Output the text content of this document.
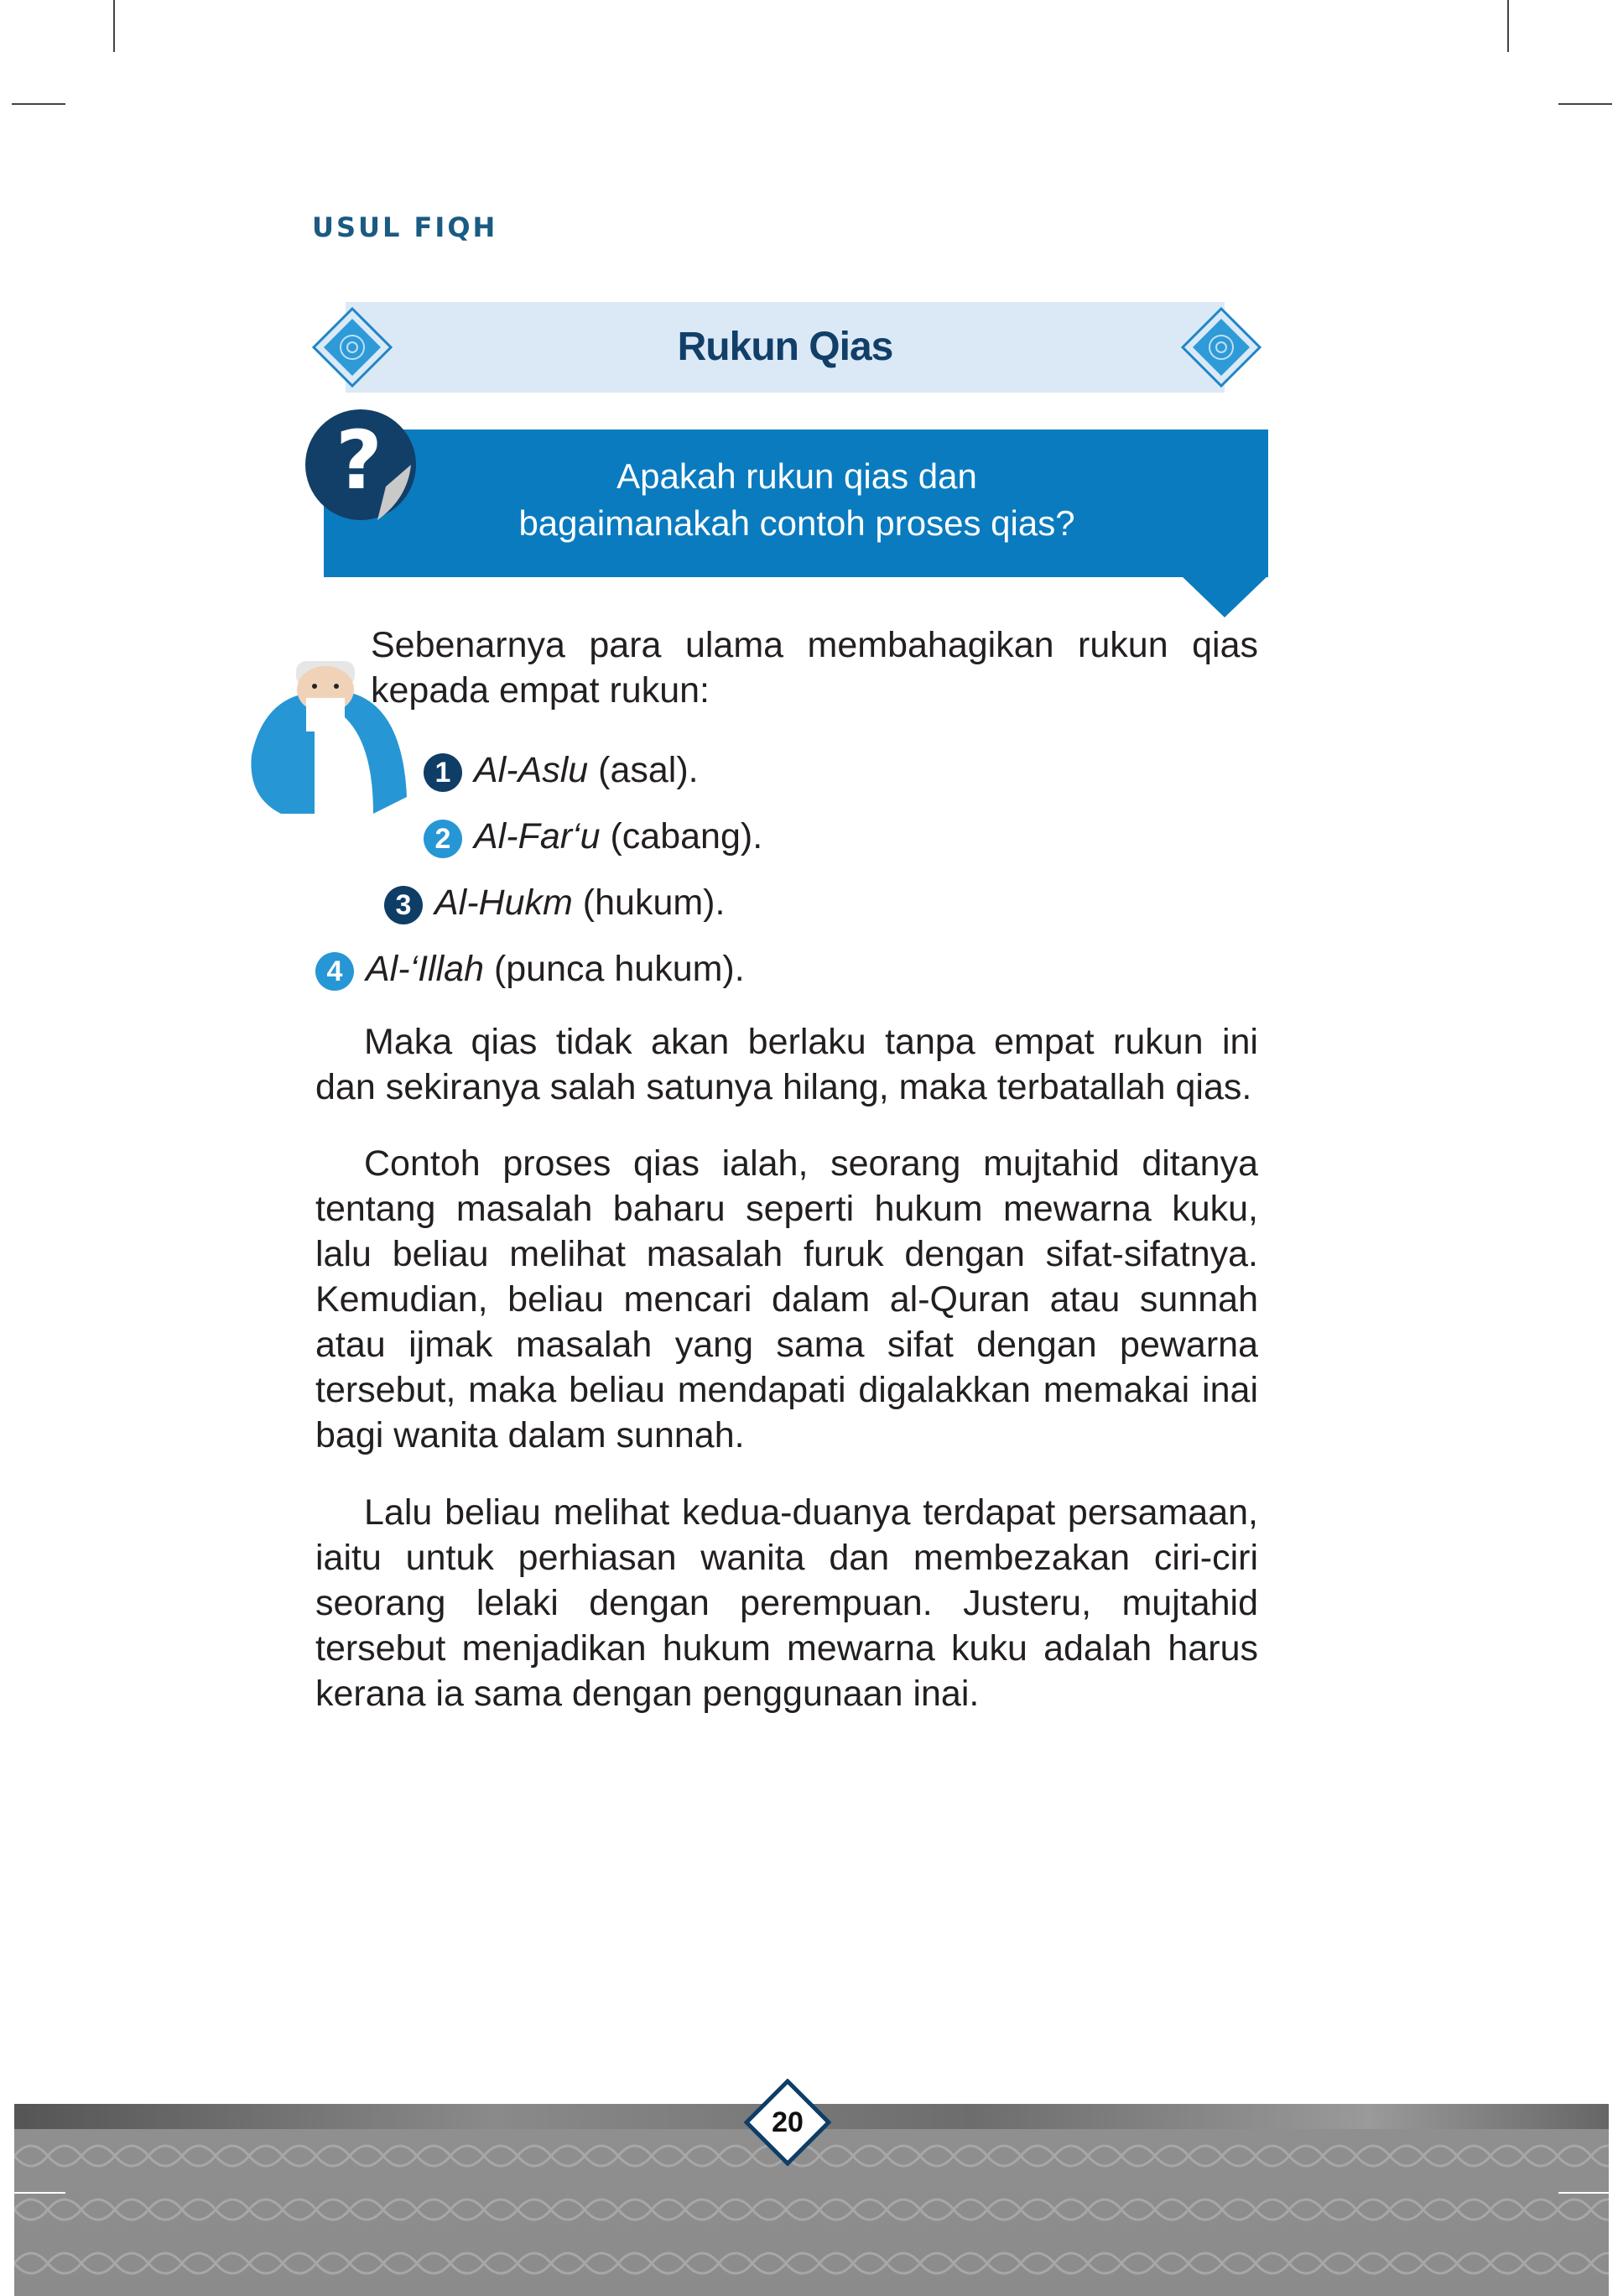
USUL FIQH
Rukun Qias
?	Apakah rukun qias dan
bagaimanakah contoh proses qias?
Sebenarnya para ulama membahagikan rukun qias kepada empat rukun:
1 Al-Aslu (asal).
2 Al-Far‘u (cabang).
3 Al-Hukm (hukum).
4 Al-‘Illah (punca hukum).
Maka qias tidak akan berlaku tanpa empat rukun ini dan sekiranya salah satunya hilang, maka terbatallah qias.
Contoh proses qias ialah, seorang mujtahid ditanya tentang masalah baharu seperti hukum mewarna kuku, lalu beliau melihat masalah furuk dengan sifat-sifatnya. Kemudian, beliau mencari dalam al-Quran atau sunnah atau ijmak masalah yang sama sifat dengan pewarna tersebut, maka beliau mendapati digalakkan memakai inai bagi wanita dalam sunnah.
Lalu beliau melihat kedua-duanya terdapat persamaan, iaitu untuk perhiasan wanita dan membezakan ciri-ciri seorang lelaki dengan perempuan. Justeru, mujtahid tersebut menjadikan hukum mewarna kuku adalah harus kerana ia sama dengan penggunaan inai.
20
